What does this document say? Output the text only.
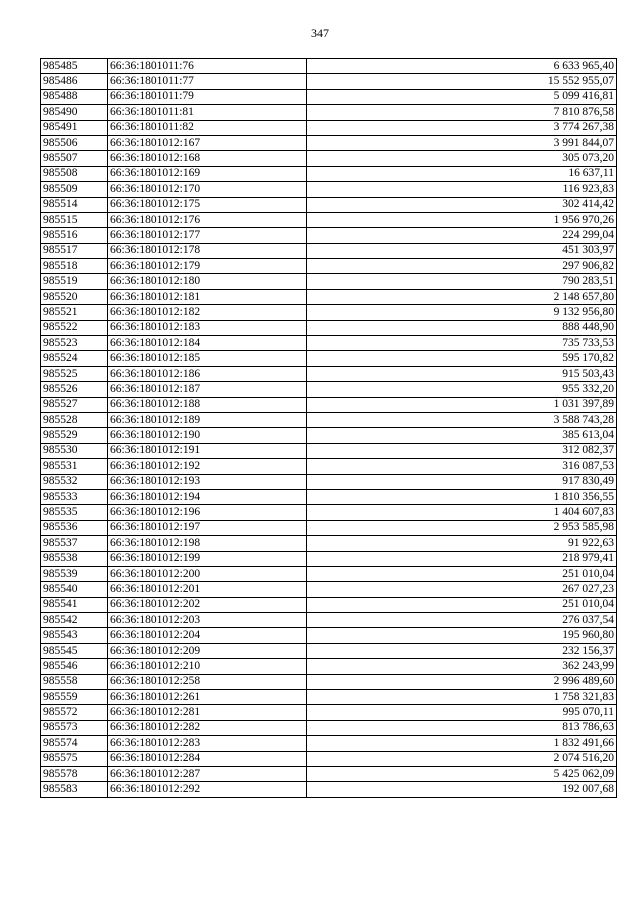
347
985485	66:36:1801011:76	6 633 965,40
985486	66:36:1801011:77	15 552 955,07
985488	66:36:1801011:79	5 099 416,81
985490	66:36:1801011:81	7 810 876,58
985491	66:36:1801011:82	3 774 267,38
985506	66:36:1801012:167	3 991 844,07
985507	66:36:1801012:168	305 073,20
985508	66:36:1801012:169	16 637,11
985509	66:36:1801012:170	116 923,83
985514	66:36:1801012:175	302 414,42
985515	66:36:1801012:176	1 956 970,26
985516	66:36:1801012:177	224 299,04
985517	66:36:1801012:178	451 303,97
985518	66:36:1801012:179	297 906,82
985519	66:36:1801012:180	790 283,51
985520	66:36:1801012:181	2 148 657,80
985521	66:36:1801012:182	9 132 956,80
985522	66:36:1801012:183	888 448,90
985523	66:36:1801012:184	735 733,53
985524	66:36:1801012:185	595 170,82
985525	66:36:1801012:186	915 503,43
985526	66:36:1801012:187	955 332,20
985527	66:36:1801012:188	1 031 397,89
985528	66:36:1801012:189	3 588 743,28
985529	66:36:1801012:190	385 613,04
985530	66:36:1801012:191	312 082,37
985531	66:36:1801012:192	316 087,53
985532	66:36:1801012:193	917 830,49
985533	66:36:1801012:194	1 810 356,55
985535	66:36:1801012:196	1 404 607,83
985536	66:36:1801012:197	2 953 585,98
985537	66:36:1801012:198	91 922,63
985538	66:36:1801012:199	218 979,41
985539	66:36:1801012:200	251 010,04
985540	66:36:1801012:201	267 027,23
985541	66:36:1801012:202	251 010,04
985542	66:36:1801012:203	276 037,54
985543	66:36:1801012:204	195 960,80
985545	66:36:1801012:209	232 156,37
985546	66:36:1801012:210	362 243,99
985558	66:36:1801012:258	2 996 489,60
985559	66:36:1801012:261	1 758 321,83
985572	66:36:1801012:281	995 070,11
985573	66:36:1801012:282	813 786,63
985574	66:36:1801012:283	1 832 491,66
985575	66:36:1801012:284	2 074 516,20
985578	66:36:1801012:287	5 425 062,09
985583	66:36:1801012:292	192 007,68
